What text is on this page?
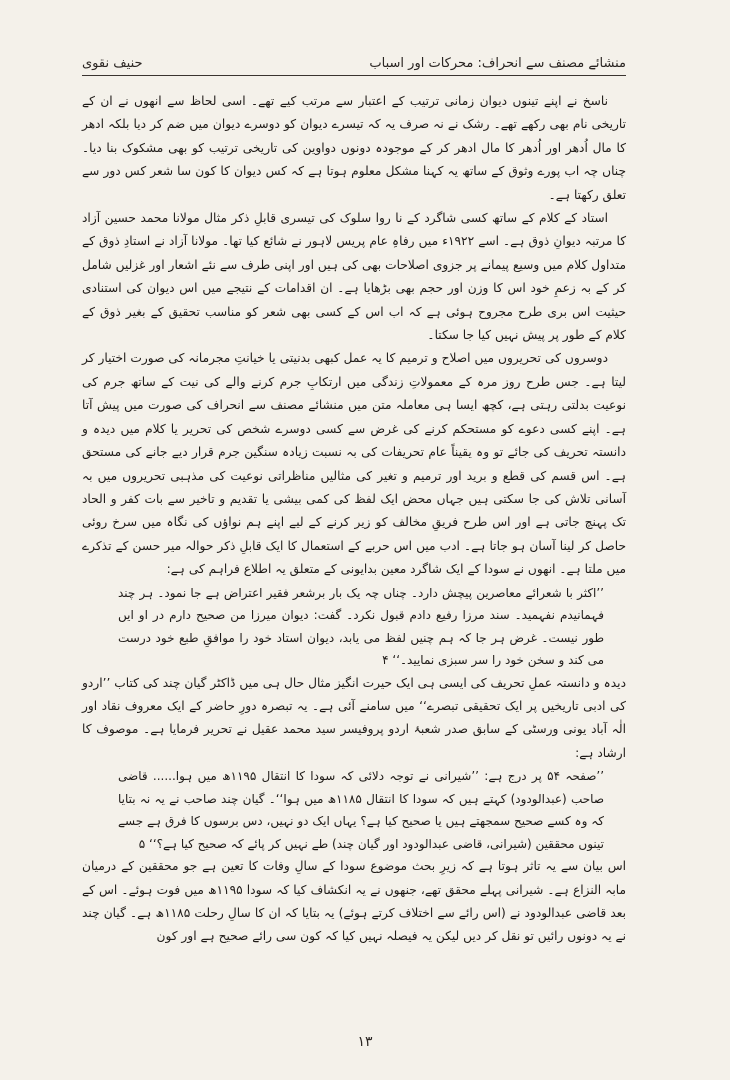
منشائے مصنف سے انحراف: محرکات اور اسباب
حنیف نقوی

ناسخ نے اپنے تینوں دیوان زمانی ترتیب کے اعتبار سے مرتب کیے تھے۔ اسی لحاظ سے انھوں نے ان کے تاریخی نام بھی رکھے تھے۔ رشک نے نہ صرف یہ کہ تیسرے دیوان کو دوسرے دیوان میں ضم کر دیا بلکہ ادھر کا مال اُدھر اور اُدھر کا مال ادھر کر کے موجودہ دونوں دواوین کی تاریخی ترتیب کو بھی مشکوک بنا دیا۔ چناں چہ اب پورے وثوق کے ساتھ یہ کہنا مشکل معلوم ہوتا ہے کہ کس دیوان کا کون سا شعر کس دور سے تعلق رکھتا ہے۔

استاد کے کلام کے ساتھ کسی شاگرد کے نا روا سلوک کی تیسری قابلِ ذکر مثال مولانا محمد حسین آزاد کا مرتبہ دیوانِ ذوق ہے۔ اسے ۱۹۲۲ء میں رفاہِ عام پریس لاہور نے شائع کیا تھا۔ مولانا آزاد نے استادِ ذوق کے متداول کلام میں وسیع پیمانے پر جزوی اصلاحات بھی کی ہیں اور اپنی طرف سے نئے اشعار اور غزلیں شامل کر کے بہ زعمِ خود اس کا وزن اور حجم بھی بڑھایا ہے۔ ان اقدامات کے نتیجے میں اس دیوان کی استنادی حیثیت اس بری طرح مجروح ہوئی ہے کہ اب اس کے کسی بھی شعر کو مناسب تحقیق کے بغیر ذوق کے کلام کے طور پر پیش نہیں کیا جا سکتا۔

دوسروں کی تحریروں میں اصلاح و ترمیم کا یہ عمل کبھی بدنیتی یا خیانتِ مجرمانہ کی صورت اختیار کر لیتا ہے۔ جس طرح روز مرہ کے معمولاتِ زندگی میں ارتکابِ جرم کرنے والے کی نیت کے ساتھ جرم کی نوعیت بدلتی رہتی ہے، کچھ ایسا ہی معاملہ متن میں منشائے مصنف سے انحراف کی صورت میں پیش آتا ہے۔ اپنے کسی دعوے کو مستحکم کرنے کی غرض سے کسی دوسرے شخص کی تحریر یا کلام میں دیدہ و دانستہ تحریف کی جائے تو وہ یقیناً عام تحریفات کی بہ نسبت زیادہ سنگین جرم قرار دیے جانے کی مستحق ہے۔ اس قسم کی قطع و برید اور ترمیم و تغیر کی مثالیں مناظراتی نوعیت کی مذہبی تحریروں میں بہ آسانی تلاش کی جا سکتی ہیں جہاں محض ایک لفظ کی کمی بیشی یا تقدیم و تاخیر سے بات کفر و الحاد تک پہنچ جاتی ہے اور اس طرح فریقِ مخالف کو زیر کرنے کے لیے اپنے ہم نواؤں کی نگاہ میں سرخ روئی حاصل کر لینا آسان ہو جاتا ہے۔ ادب میں اس حربے کے استعمال کا ایک قابلِ ذکر حوالہ میر حسن کے تذکرے میں ملتا ہے۔ انھوں نے سودا کے ایک شاگرد معین بدایونی کے متعلق یہ اطلاع فراہم کی ہے:

’’اکثر با شعرائے معاصرین پیچش دارد۔ چناں چہ یک بار برشعر فقیر اعتراض ہے جا نمود۔ ہر چند فہمانیدم نفہمید۔ سند مرزا رفیع دادم قبول نکرد۔ گفت: دیوان میرزا من صحیح دارم در او ایں طور نیست۔ غرض ہر جا کہ ہم چنیں لفظ می یابد، دیوان استاد خود را موافقِ طبع خود درست می کند و سخن خود را سر سبزی نمایید۔‘‘ ۴

دیدہ و دانستہ عملِ تحریف کی ایسی ہی ایک حیرت انگیز مثال حال ہی میں ڈاکٹر گیان چند کی کتاب ’’اردو کی ادبی تاریخیں پر ایک تحقیقی تبصرے‘‘ میں سامنے آئی ہے۔ یہ تبصرہ دورِ حاضر کے ایک معروف نقاد اور الٰہ آباد یونی ورسٹی کے سابق صدر شعبۂ اردو پروفیسر سید محمد عقیل نے تحریر فرمایا ہے۔ موصوف کا ارشاد ہے:

’’صفحہ ۵۴ پر درج ہے: ’’شیرانی نے توجہ دلائی کہ سودا کا انتقال ۱۱۹۵ھ میں ہوا...... قاضی صاحب (عبدالودود) کہتے ہیں کہ سودا کا انتقال ۱۱۸۵ھ میں ہوا‘‘۔ گیان چند صاحب نے یہ نہ بتایا کہ وہ کسے صحیح سمجھتے ہیں یا صحیح کیا ہے؟ یہاں ایک دو نہیں، دس برسوں کا فرق ہے جسے تینوں محققین (شیرانی، قاضی عبدالودود اور گیان چند) طے نہیں کر پائے کہ صحیح کیا ہے؟‘‘ ۵

اس بیان سے یہ تاثر ہوتا ہے کہ زیرِ بحث موضوع سودا کے سالِ وفات کا تعین ہے جو محققین کے درمیان مابہ النزاع ہے۔ شیرانی پہلے محقق تھے، جنھوں نے یہ انکشاف کیا کہ سودا ۱۱۹۵ھ میں فوت ہوئے۔ اس کے بعد قاضی عبدالودود نے (اس رائے سے اختلاف کرتے ہوئے) یہ بتایا کہ ان کا سالِ رحلت ۱۱۸۵ھ ہے۔ گیان چند نے یہ دونوں رائیں تو نقل کر دیں لیکن یہ فیصلہ نہیں کیا کہ کون سی رائے صحیح ہے اور کون

۱۳
